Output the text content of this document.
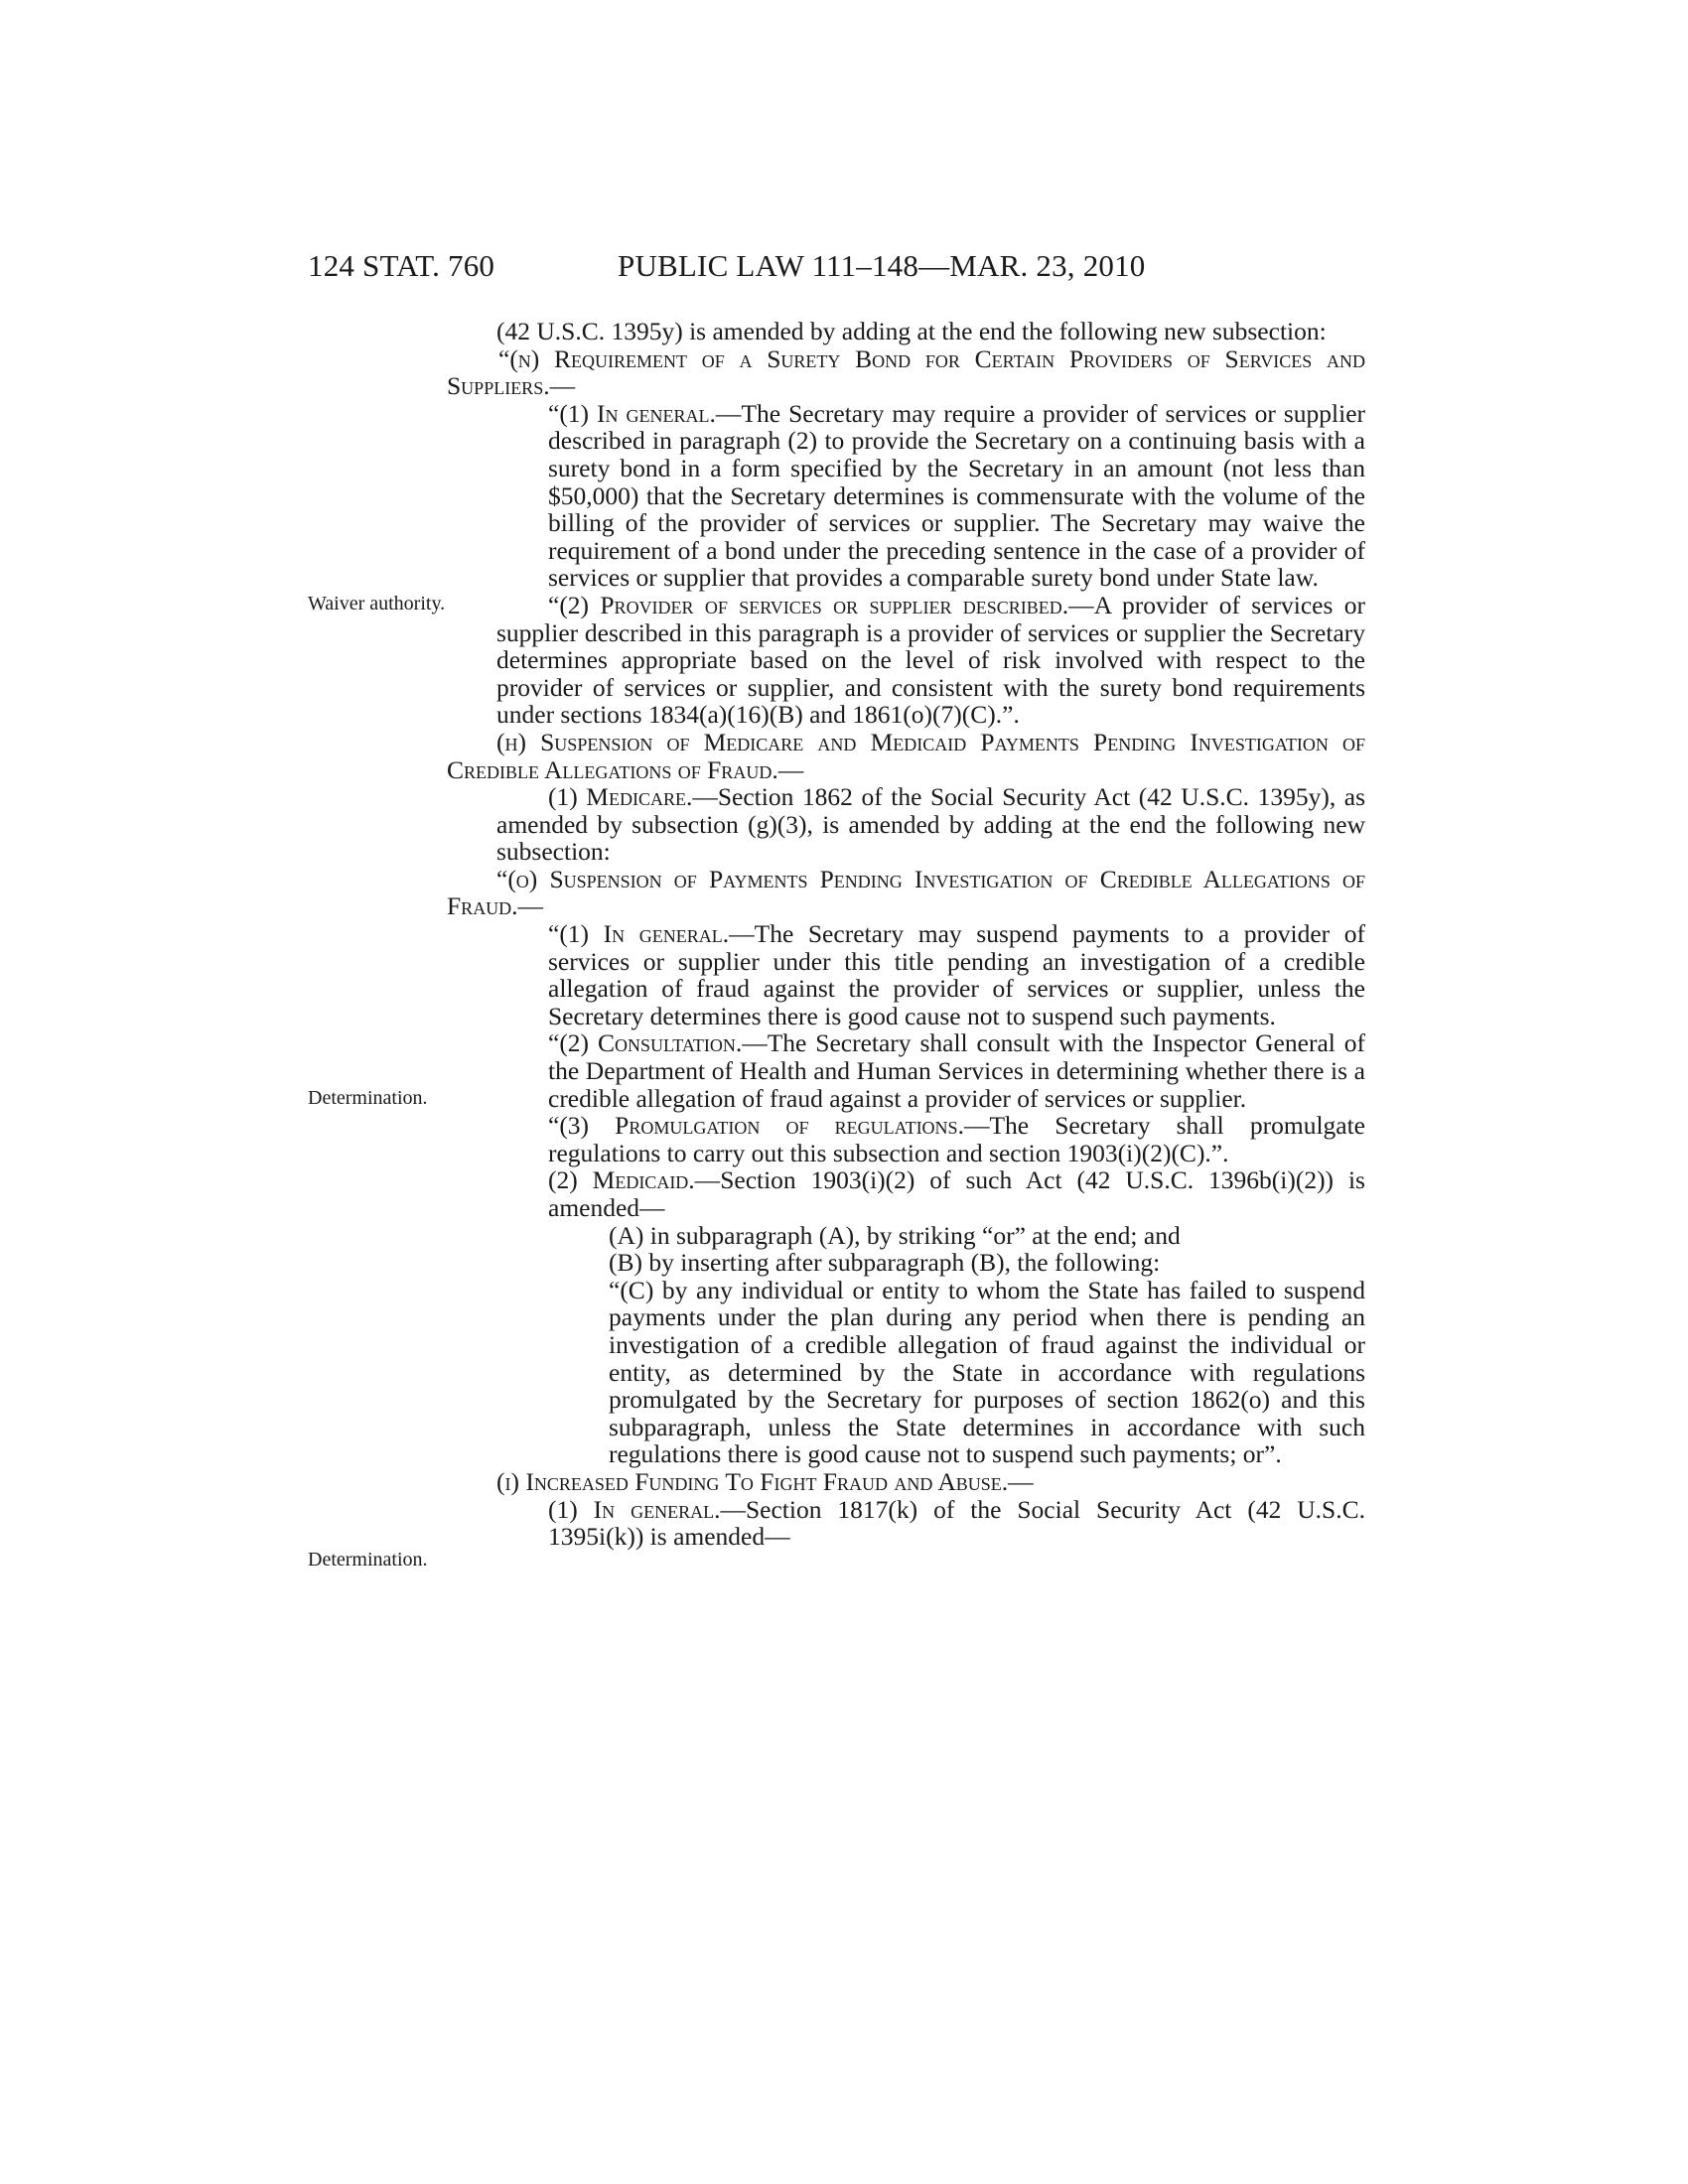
124 STAT. 760	PUBLIC LAW 111–148—MAR. 23, 2010
Waiver authority.
Determination.
Determination.

(42 U.S.C. 1395y) is amended by adding at the end the following new subsection:

“(n) Requirement of a Surety Bond for Certain Providers of Services and Suppliers.—

“(1) In general.—The Secretary may require a provider of services or supplier described in paragraph (2) to provide the Secretary on a continuing basis with a surety bond in a form specified by the Secretary in an amount (not less than $50,000) that the Secretary determines is commensurate with the volume of the billing of the provider of services or supplier. The Secretary may waive the requirement of a bond under the preceding sentence in the case of a provider of services or supplier that provides a comparable surety bond under State law.

“(2) Provider of services or supplier described.—A provider of services or supplier described in this paragraph is a provider of services or supplier the Secretary determines appropriate based on the level of risk involved with respect to the provider of services or supplier, and consistent with the surety bond requirements under sections 1834(a)(16)(B) and 1861(o)(7)(C).”.

(h) Suspension of Medicare and Medicaid Payments Pending Investigation of Credible Allegations of Fraud.—

(1) Medicare.—Section 1862 of the Social Security Act (42 U.S.C. 1395y), as amended by subsection (g)(3), is amended by adding at the end the following new subsection:

“(o) Suspension of Payments Pending Investigation of Credible Allegations of Fraud.—

“(1) In general.—The Secretary may suspend payments to a provider of services or supplier under this title pending an investigation of a credible allegation of fraud against the provider of services or supplier, unless the Secretary determines there is good cause not to suspend such payments.

“(2) Consultation.—The Secretary shall consult with the Inspector General of the Department of Health and Human Services in determining whether there is a credible allegation of fraud against a provider of services or supplier.

“(3) Promulgation of regulations.—The Secretary shall promulgate regulations to carry out this subsection and section 1903(i)(2)(C).”.

(2) Medicaid.—Section 1903(i)(2) of such Act (42 U.S.C. 1396b(i)(2)) is amended—

(A) in subparagraph (A), by striking “or” at the end; and

(B) by inserting after subparagraph (B), the following:

“(C) by any individual or entity to whom the State has failed to suspend payments under the plan during any period when there is pending an investigation of a credible allegation of fraud against the individual or entity, as determined by the State in accordance with regulations promulgated by the Secretary for purposes of section 1862(o) and this subparagraph, unless the State determines in accordance with such regulations there is good cause not to suspend such payments; or”.

(i) Increased Funding To Fight Fraud and Abuse.—

(1) In general.—Section 1817(k) of the Social Security Act (42 U.S.C. 1395i(k)) is amended—
